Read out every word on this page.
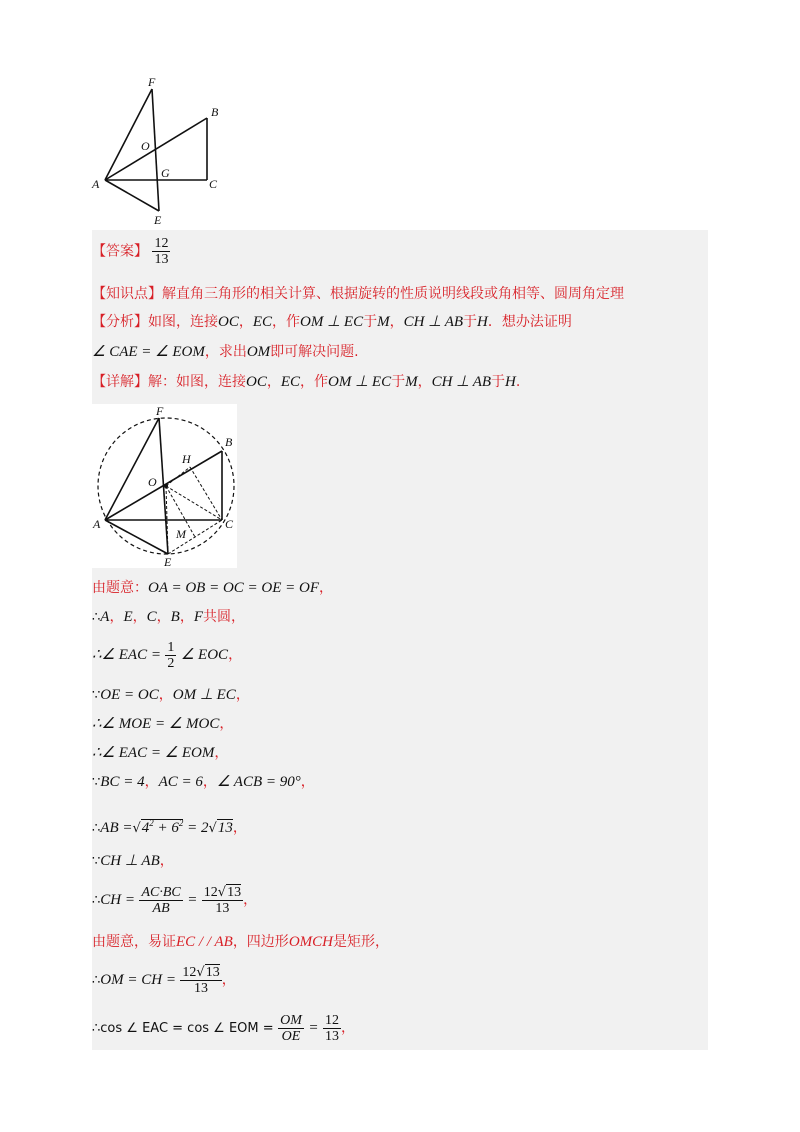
F
B
O
A
G
C
E
【答案】 $\frac{12}{13}$
【知识点】解直角三角形的相关计算、根据旋转的性质说明线段或角相等、圆周角定理
【分析】如图，连接OC，EC，作OM ⊥ EC于M，CH ⊥ AB于H．想办法证明
∠ CAE = ∠ EOM，求出OM即可解决问题.
【详解】解：如图，连接OC，EC，作OM ⊥ EC于M，CH ⊥ AB于H.
F
B
H
O
A	C
M
E
由题意：OA = OB = OC = OE = OF，
∴A，E，C，B，F共圆，
∴∠ EAC = $\frac{1}{2}$ ∠ EOC，
∵OE = OC，OM ⊥ EC，
∴∠ MOE = ∠ MOC，
∴∠ EAC = ∠ EOM，
∵BC = 4，AC = 6，∠ ACB = 90°，
∴AB $=√4^2 + 6^2 = 2√13$，
∵CH ⊥ AB，
∴CH = $\frac{AC\cdot BC}{AB} = \frac{12√13}{13}$ ，
由题意，易证EC / / AB，四边形OMCH是矩形，
∴OM = CH = $\frac{12√13}{13}$ ，
∴cos ∠ EAC = cos ∠ EOM = $\frac{OM}{OE} = \frac{12}{13}$ ，
